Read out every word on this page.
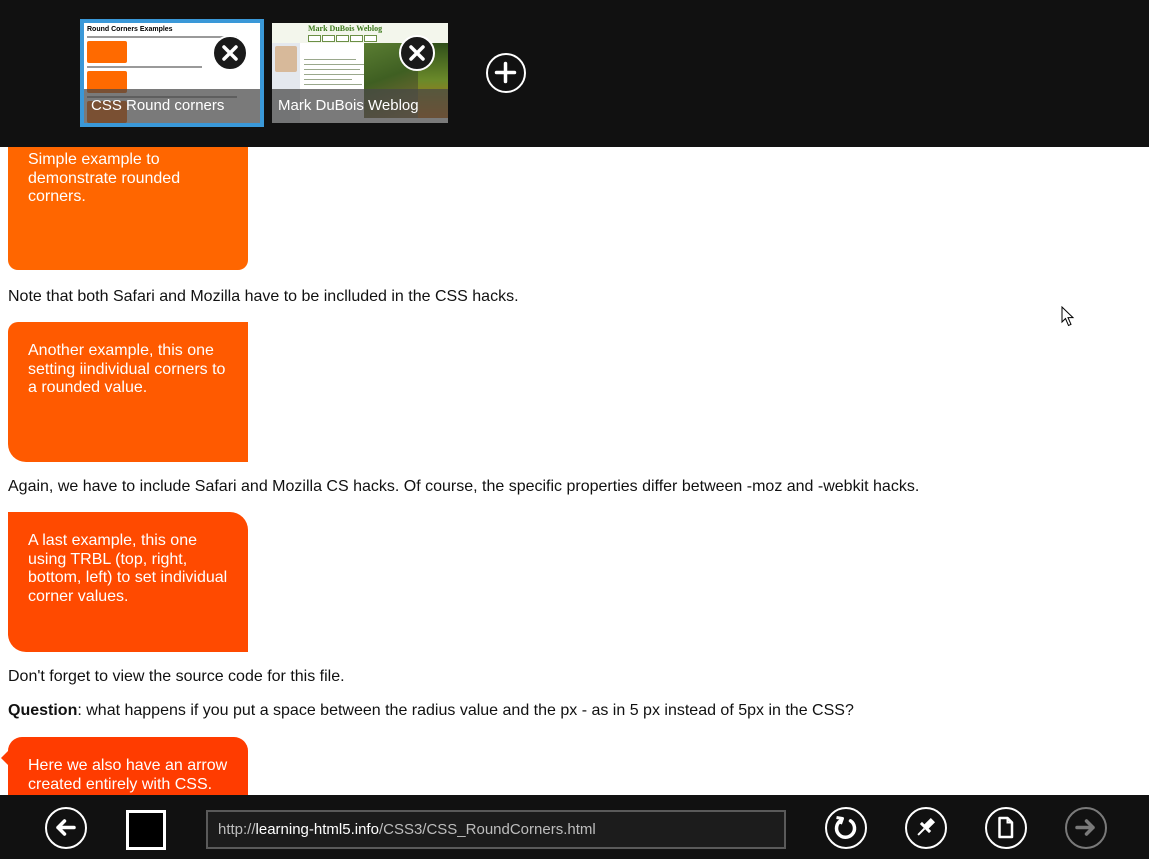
Round Corners Examples
CSS Round corners
Mark DuBois Weblog
Mark DuBois Weblog
Simple example to demonstrate rounded corners.
Note that both Safari and Mozilla have to be inclluded in the CSS hacks.
Another example, this one setting iindividual corners to a rounded value.
Again, we have to include Safari and Mozilla CS hacks. Of course, the specific properties differ between -moz and -webkit hacks.
A last example, this one using TRBL (top, right, bottom, left) to set individual corner values.
Don't forget to view the source code for this file.
Question: what happens if you put a space between the radius value and the px - as in 5 px instead of 5px in the CSS?
Here we also have an arrow created entirely with CSS.
http://learning-html5.info/CSS3/CSS_RoundCorners.html
